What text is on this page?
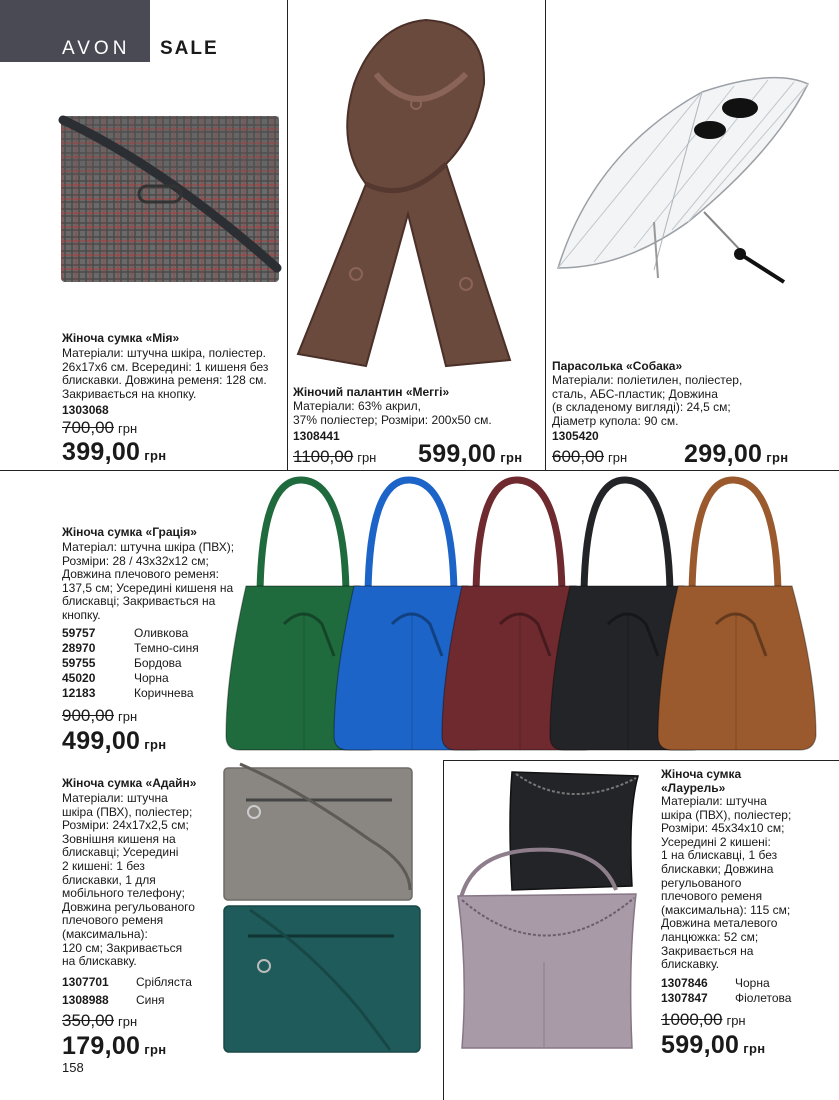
AVON SALE
Жіноча сумка «Мія»
Матеріали: штучна шкіра, поліестер.
26x17x6 см. Всередині: 1 кишеня без
блискавки. Довжина ременя: 128 см.
Закривається на кнопку.
1303068
700,00 грн
399,00 грн
Жіночий палантин «Меггі»
Матеріали: 63% акрил,
37% поліестер; Розміри: 200x50 см.
1308441
1100,00 грн 599,00 грн
Парасолька «Собака»
Матеріали: поліетилен, поліестер,
сталь, АБС-пластик; Довжина
(в складеному вигляді): 24,5 см;
Діаметр купола: 90 см.
1305420
600,00 грн 299,00 грн
Жіноча сумка «Грація»
Матеріал: штучна шкіра (ПВХ);
Розміри: 28 / 43x32x12 см;
Довжина плечового ременя:
137,5 см; Усередині кишеня на
блискавці; Закривається на
кнопку.
59757	Оливкова
28970	Темно-синя
59755	Бордова
45020	Чорна
12183	Коричнева
900,00 грн
499,00 грн
Жіноча сумка «Адайн»
Матеріали: штучна
шкіра (ПВХ), поліестер;
Розміри: 24x17x2,5 см;
Зовнішня кишеня на
блискавці; Усередині
2 кишені: 1 без
блискавки, 1 для
мобільного телефону;
Довжина регульованого
плечового ременя
(максимальна):
120 см; Закривається
на блискавку.
1307701	Срібляста
1308988	Синя
350,00 грн
179,00 грн
Жіноча сумка
«Лаурель»
Матеріали: штучна
шкіра (ПВХ), поліестер;
Розміри: 45x34x10 см;
Усередині 2 кишені:
1 на блискавці, 1 без
блискавки; Довжина
регульованого
плечового ременя
(максимальна): 115 см;
Довжина металевого
ланцюжка: 52 см;
Закривається на
блискавку.
1307846	Чорна
1307847	Фіолетова
1000,00 грн
599,00 грн
158
